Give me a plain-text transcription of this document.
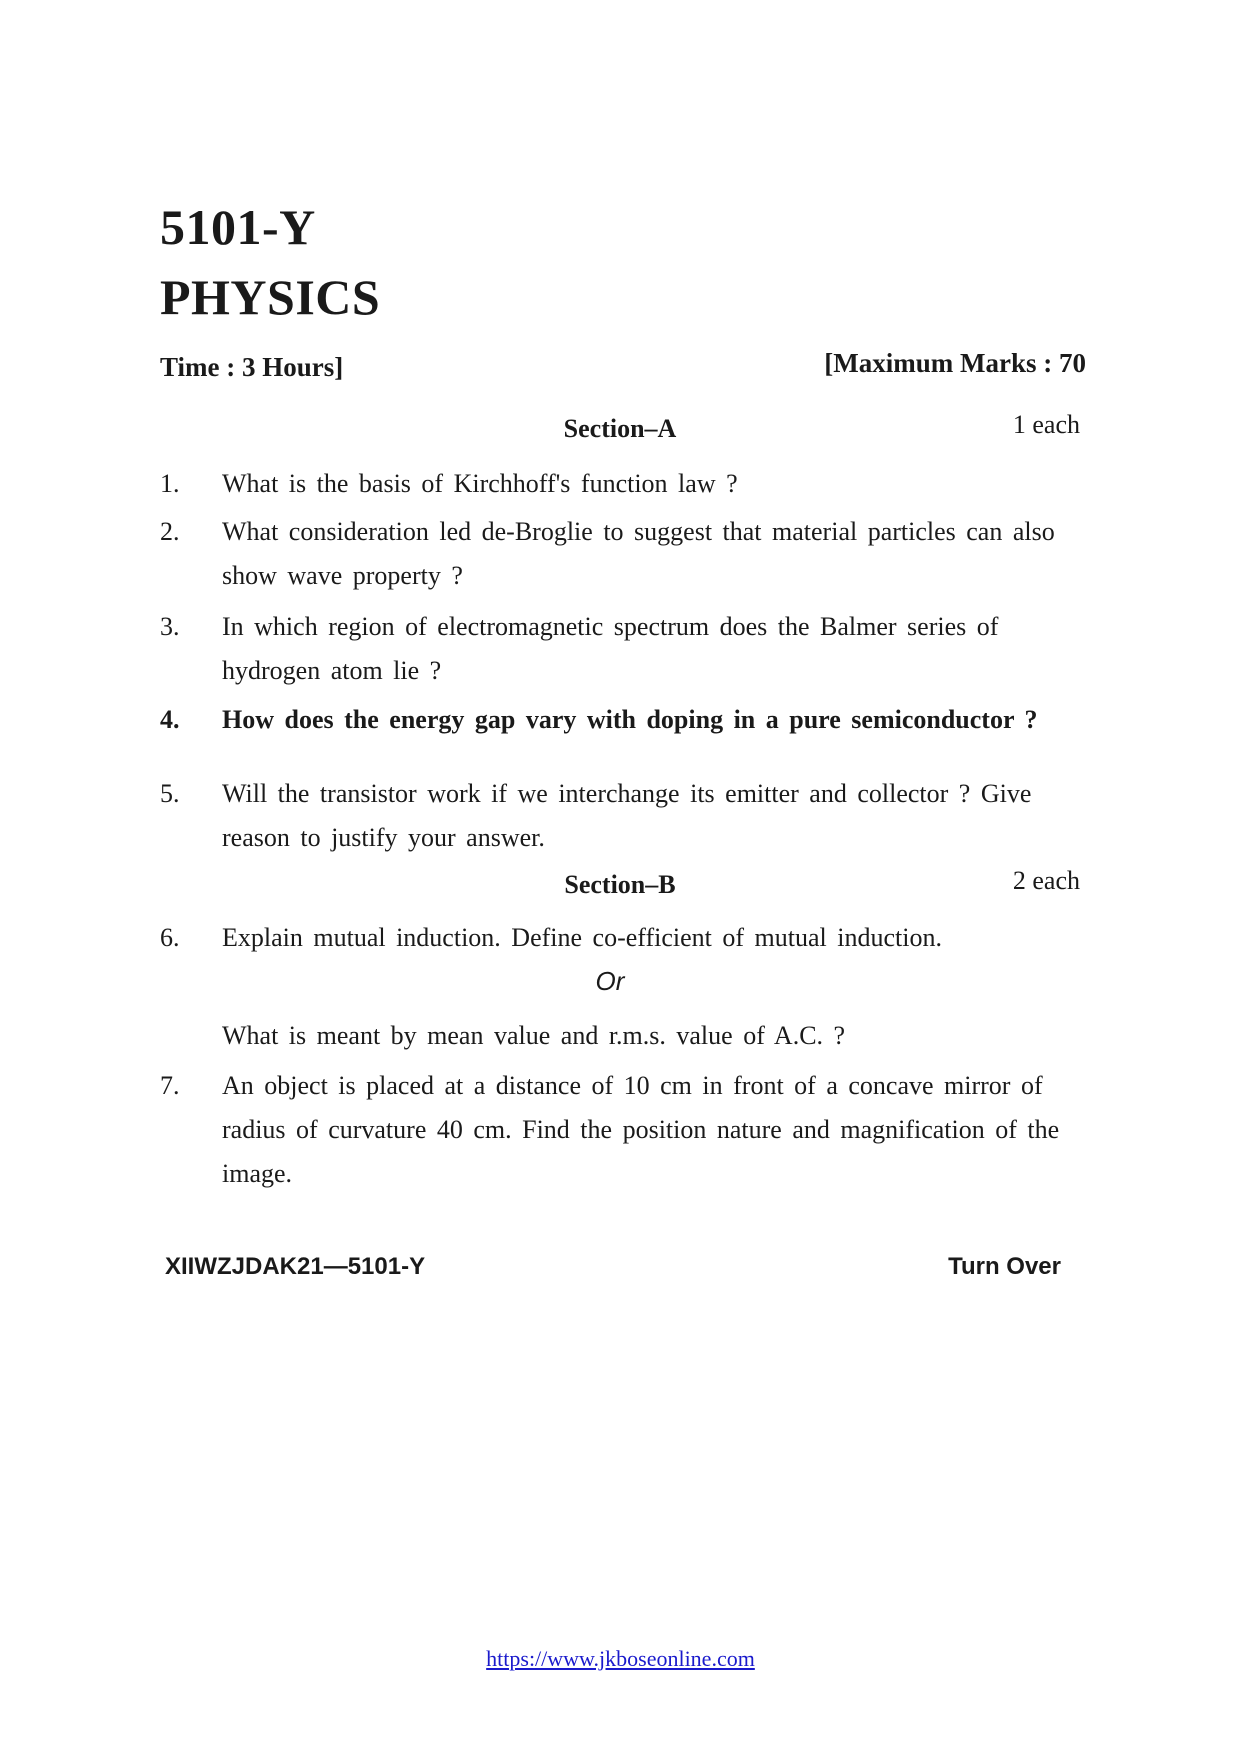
5101-Y
PHYSICS
Time : 3 Hours]	[Maximum Marks : 70
Section–A	1 each
1.	What is the basis of Kirchhoff's function law ?
2.	What consideration led de-Broglie to suggest that material particles can also show wave property ?
3.	In which region of electromagnetic spectrum does the Balmer series of hydrogen atom lie ?
4.	How does the energy gap vary with doping in a pure semiconductor ?
5.	Will the transistor work if we interchange its emitter and collector ? Give reason to justify your answer.
Section–B	2 each
6.	Explain mutual induction. Define co-efficient of mutual induction.
Or
What is meant by mean value and r.m.s. value of A.C. ?
7.	An object is placed at a distance of 10 cm in front of a concave mirror of radius of curvature 40 cm. Find the position nature and magnification of the image.
XIIWZJDAK21—5101-Y	Turn Over
https://www.jkboseonline.com
